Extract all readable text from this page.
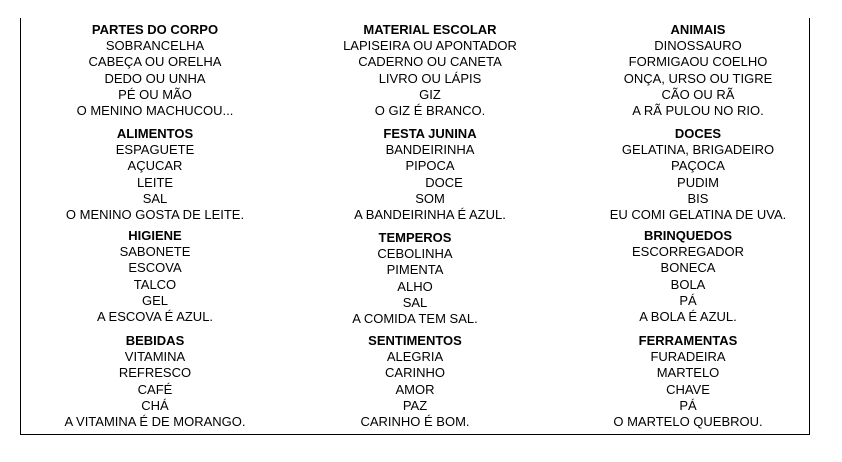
PARTES DO CORPO
SOBRANCELHA
CABEÇA OU ORELHA
DEDO OU UNHA
PÉ OU MÃO
O MENINO MACHUCOU...
MATERIAL ESCOLAR
LAPISEIRA OU APONTADOR
CADERNO OU CANETA
LIVRO OU LÁPIS
GIZ
O GIZ É BRANCO.
ANIMAIS
DINOSSAURO
FORMIGAOU COELHO
ONÇA, URSO OU TIGRE
CÃO OU RÃ
A RÃ PULOU NO RIO.
ALIMENTOS
ESPAGUETE
AÇUCAR
LEITE
SAL
O MENINO GOSTA DE LEITE.
FESTA JUNINA
BANDEIRINHA
PIPOCA
DOCE
SOM
A BANDEIRINHA É AZUL.
DOCES
GELATINA, BRIGADEIRO
PAÇOCA
PUDIM
BIS
EU COMI GELATINA DE UVA.
HIGIENE
SABONETE
ESCOVA
TALCO
GEL
A ESCOVA É AZUL.
TEMPEROS
CEBOLINHA
PIMENTA
ALHO
SAL
A COMIDA TEM SAL.
BRINQUEDOS
ESCORREGADOR
BONECA
BOLA
PÁ
A BOLA É AZUL.
BEBIDAS
VITAMINA
REFRESCO
CAFÉ
CHÁ
A VITAMINA É DE MORANGO.
SENTIMENTOS
ALEGRIA
CARINHO
AMOR
PAZ
CARINHO É BOM.
FERRAMENTAS
FURADEIRA
MARTELO
CHAVE
PÁ
O MARTELO QUEBROU.
